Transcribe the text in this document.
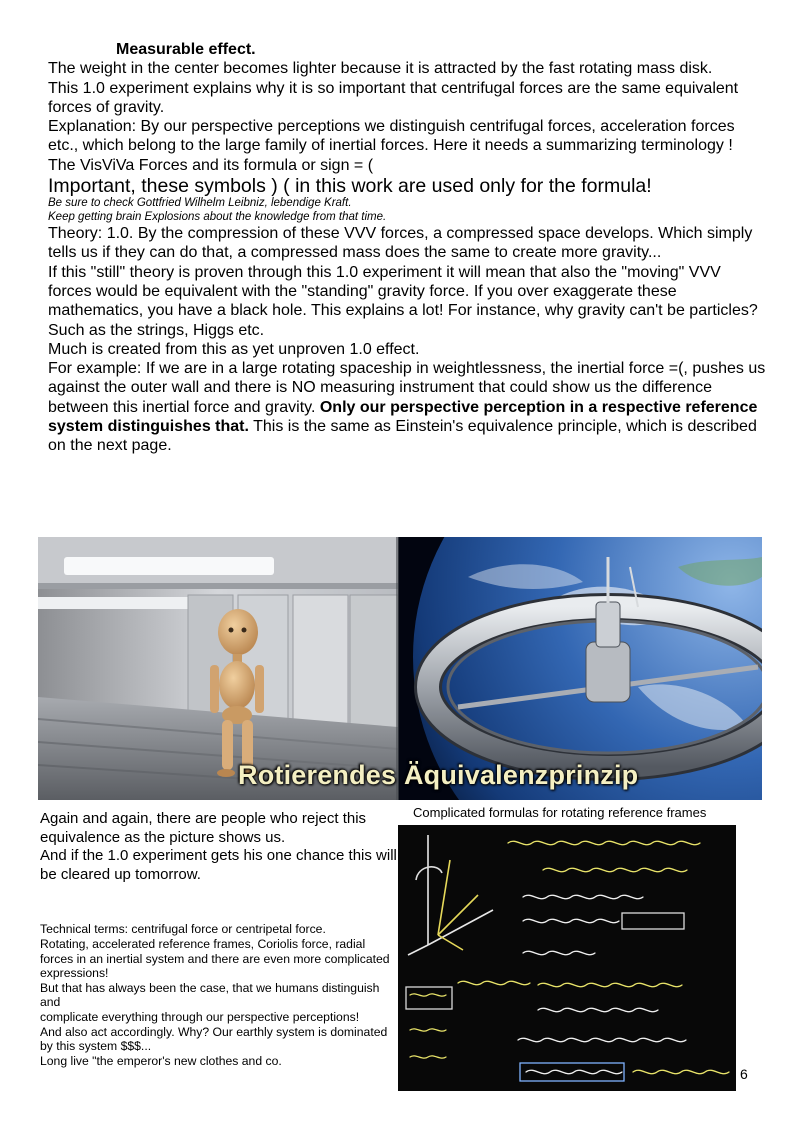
Measurable effect.

The weight in the center becomes lighter because it is attracted by the fast rotating mass disk.

This 1.0 experiment explains why it is so important that centrifugal forces are the same equivalent forces of gravity.

Explanation: By our perspective perceptions we distinguish centrifugal forces, acceleration forces etc., which belong to the large family of inertial forces. Here it needs a summarizing terminology !

The VisViVa Forces and its formula or sign = (

Important, these symbols ) ( in this work are used only for the formula!

Be sure to check Gottfried Wilhelm Leibniz, lebendige Kraft.

Keep getting brain Explosions about the knowledge from that time.

Theory: 1.0. By the compression of these VVV forces, a compressed space develops. Which simply tells us if they can do that, a compressed mass does the same to create more gravity...

If this "still" theory is proven through this 1.0 experiment it will mean that also the "moving" VVV forces would be equivalent with the "standing" gravity force. If you over exaggerate these mathematics, you have a black hole. This explains a lot! For instance, why gravity can't be particles? Such as the strings, Higgs etc.

Much is created from this as yet unproven 1.0 effect.

For example: If we are in a large rotating spaceship in weightlessness, the inertial force =(, pushes us against the outer wall and there is NO measuring instrument that could show us the difference between this inertial force and gravity. Only our perspective perception in a respective reference system distinguishes that. This is the same as Einstein's equivalence principle, which is described on the next page.

Rotierendes Äquivalenzprinzip

Again and again, there are people who reject this equivalence as the picture shows us.

And if the 1.0 experiment gets his one chance this will be cleared up tomorrow.

Technical terms: centrifugal force or centripetal force.

Rotating, accelerated reference frames, Coriolis force, radial forces in an inertial system and there are even more complicated expressions!

But that has always been the case, that we humans distinguish and

complicate everything through our perspective perceptions!

And also act accordingly. Why? Our earthly system is dominated by this system $$$...

Long live "the emperor's new clothes and co.

Complicated formulas for rotating reference frames
6
